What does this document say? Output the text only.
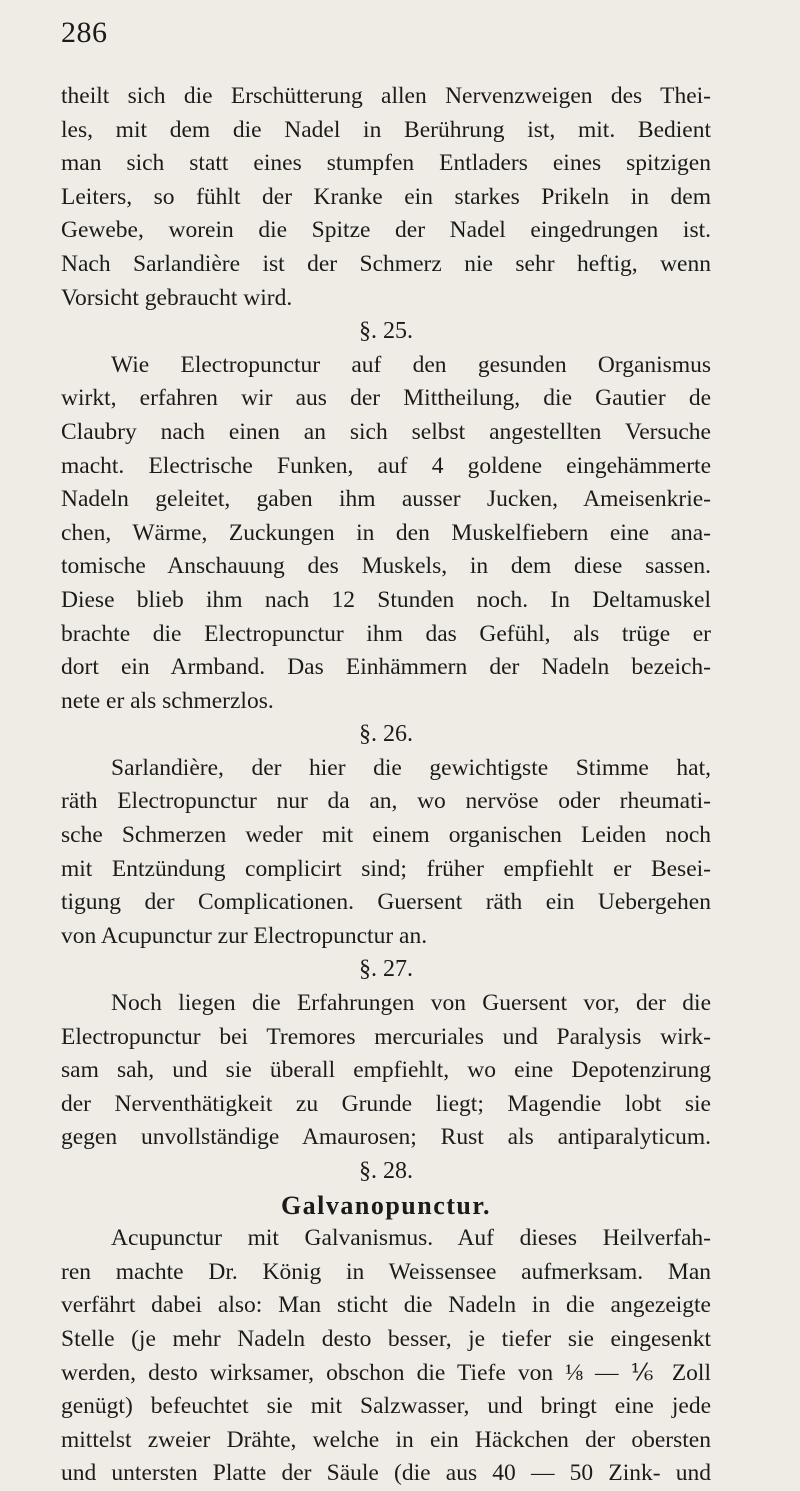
286
theilt sich die Erschütterung allen Nervenzweigen des Thei-
les, mit dem die Nadel in Berührung ist, mit. Bedient
man sich statt eines stumpfen Entladers eines spitzigen
Leiters, so fühlt der Kranke ein starkes Prikeln in dem
Gewebe, worein die Spitze der Nadel eingedrungen ist.
Nach Sarlandière ist der Schmerz nie sehr heftig, wenn
Vorsicht gebraucht wird.
§. 25.
Wie Electropunctur auf den gesunden Organismus
wirkt, erfahren wir aus der Mittheilung, die Gautier de
Claubry nach einen an sich selbst angestellten Versuche
macht. Electrische Funken, auf 4 goldene eingehämmerte
Nadeln geleitet, gaben ihm ausser Jucken, Ameisenkrie-
chen, Wärme, Zuckungen in den Muskelfiebern eine ana-
tomische Anschauung des Muskels, in dem diese sassen.
Diese blieb ihm nach 12 Stunden noch. In Deltamuskel
brachte die Electropunctur ihm das Gefühl, als trüge er
dort ein Armband. Das Einhämmern der Nadeln bezeich-
nete er als schmerzlos.
§. 26.
Sarlandière, der hier die gewichtigste Stimme hat,
räth Electropunctur nur da an, wo nervöse oder rheumati-
sche Schmerzen weder mit einem organischen Leiden noch
mit Entzündung complicirt sind; früher empfiehlt er Besei-
tigung der Complicationen. Guersent räth ein Uebergehen
von Acupunctur zur Electropunctur an.
§. 27.
Noch liegen die Erfahrungen von Guersent vor, der die
Electropunctur bei Tremores mercuriales und Paralysis wirk-
sam sah, und sie überall empfiehlt, wo eine Depotenzirung
der Nerventhätigkeit zu Grunde liegt; Magendie lobt sie
gegen unvollständige Amaurosen; Rust als antiparalyticum.
§. 28.
Galvanopunctur.
Acupunctur mit Galvanismus. Auf dieses Heilverfah-
ren machte Dr. König in Weissensee aufmerksam. Man
verfährt dabei also: Man sticht die Nadeln in die angezeigte
Stelle (je mehr Nadeln desto besser, je tiefer sie eingesenkt
werden, desto wirksamer, obschon die Tiefe von ⅛ — ⅙ Zoll
genügt) befeuchtet sie mit Salzwasser, und bringt eine jede
mittelst zweier Drähte, welche in ein Häckchen der obersten
und untersten Platte der Säule (die aus 40 — 50 Zink- und
